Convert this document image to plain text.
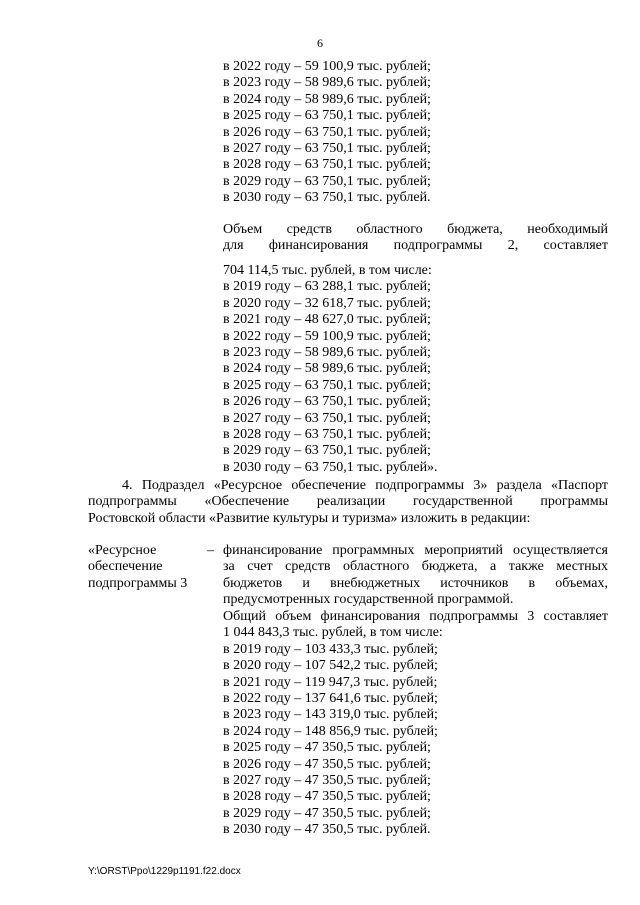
6
в 2022 году – 59 100,9 тыс. рублей;
в 2023 году – 58 989,6 тыс. рублей;
в 2024 году – 58 989,6 тыс. рублей;
в 2025 году – 63 750,1 тыс. рублей;
в 2026 году – 63 750,1 тыс. рублей;
в 2027 году – 63 750,1 тыс. рублей;
в 2028 году – 63 750,1 тыс. рублей;
в 2029 году – 63 750,1 тыс. рублей;
в 2030 году – 63 750,1 тыс. рублей.
Объем средств областного бюджета, необходимый
для финансирования подпрограммы 2, составляет
704 114,5 тыс. рублей, в том числе:
в 2019 году – 63 288,1 тыс. рублей;
в 2020 году – 32 618,7 тыс. рублей;
в 2021 году – 48 627,0 тыс. рублей;
в 2022 году – 59 100,9 тыс. рублей;
в 2023 году – 58 989,6 тыс. рублей;
в 2024 году – 58 989,6 тыс. рублей;
в 2025 году – 63 750,1 тыс. рублей;
в 2026 году – 63 750,1 тыс. рублей;
в 2027 году – 63 750,1 тыс. рублей;
в 2028 году – 63 750,1 тыс. рублей;
в 2029 году – 63 750,1 тыс. рублей;
в 2030 году – 63 750,1 тыс. рублей».
4. Подраздел «Ресурсное обеспечение подпрограммы 3» раздела «Паспорт
подпрограммы «Обеспечение реализации государственной программы
Ростовской области «Развитие культуры и туризма» изложить в редакции:
«Ресурсное
обеспечение
подпрограммы 3
– финансирование программных мероприятий осуществляется
за счет средств областного бюджета, а также местных
бюджетов и внебюджетных источников в объемах,
предусмотренных государственной программой.
Общий объем финансирования подпрограммы 3 составляет
1 044 843,3 тыс. рублей, в том числе:
в 2019 году – 103 433,3 тыс. рублей;
в 2020 году – 107 542,2 тыс. рублей;
в 2021 году – 119 947,3 тыс. рублей;
в 2022 году – 137 641,6 тыс. рублей;
в 2023 году – 143 319,0 тыс. рублей;
в 2024 году – 148 856,9 тыс. рублей;
в 2025 году – 47 350,5 тыс. рублей;
в 2026 году – 47 350,5 тыс. рублей;
в 2027 году – 47 350,5 тыс. рублей;
в 2028 году – 47 350,5 тыс. рублей;
в 2029 году – 47 350,5 тыс. рублей;
в 2030 году – 47 350,5 тыс. рублей.
Y:\ORST\Ppo\1229p1191.f22.docx
